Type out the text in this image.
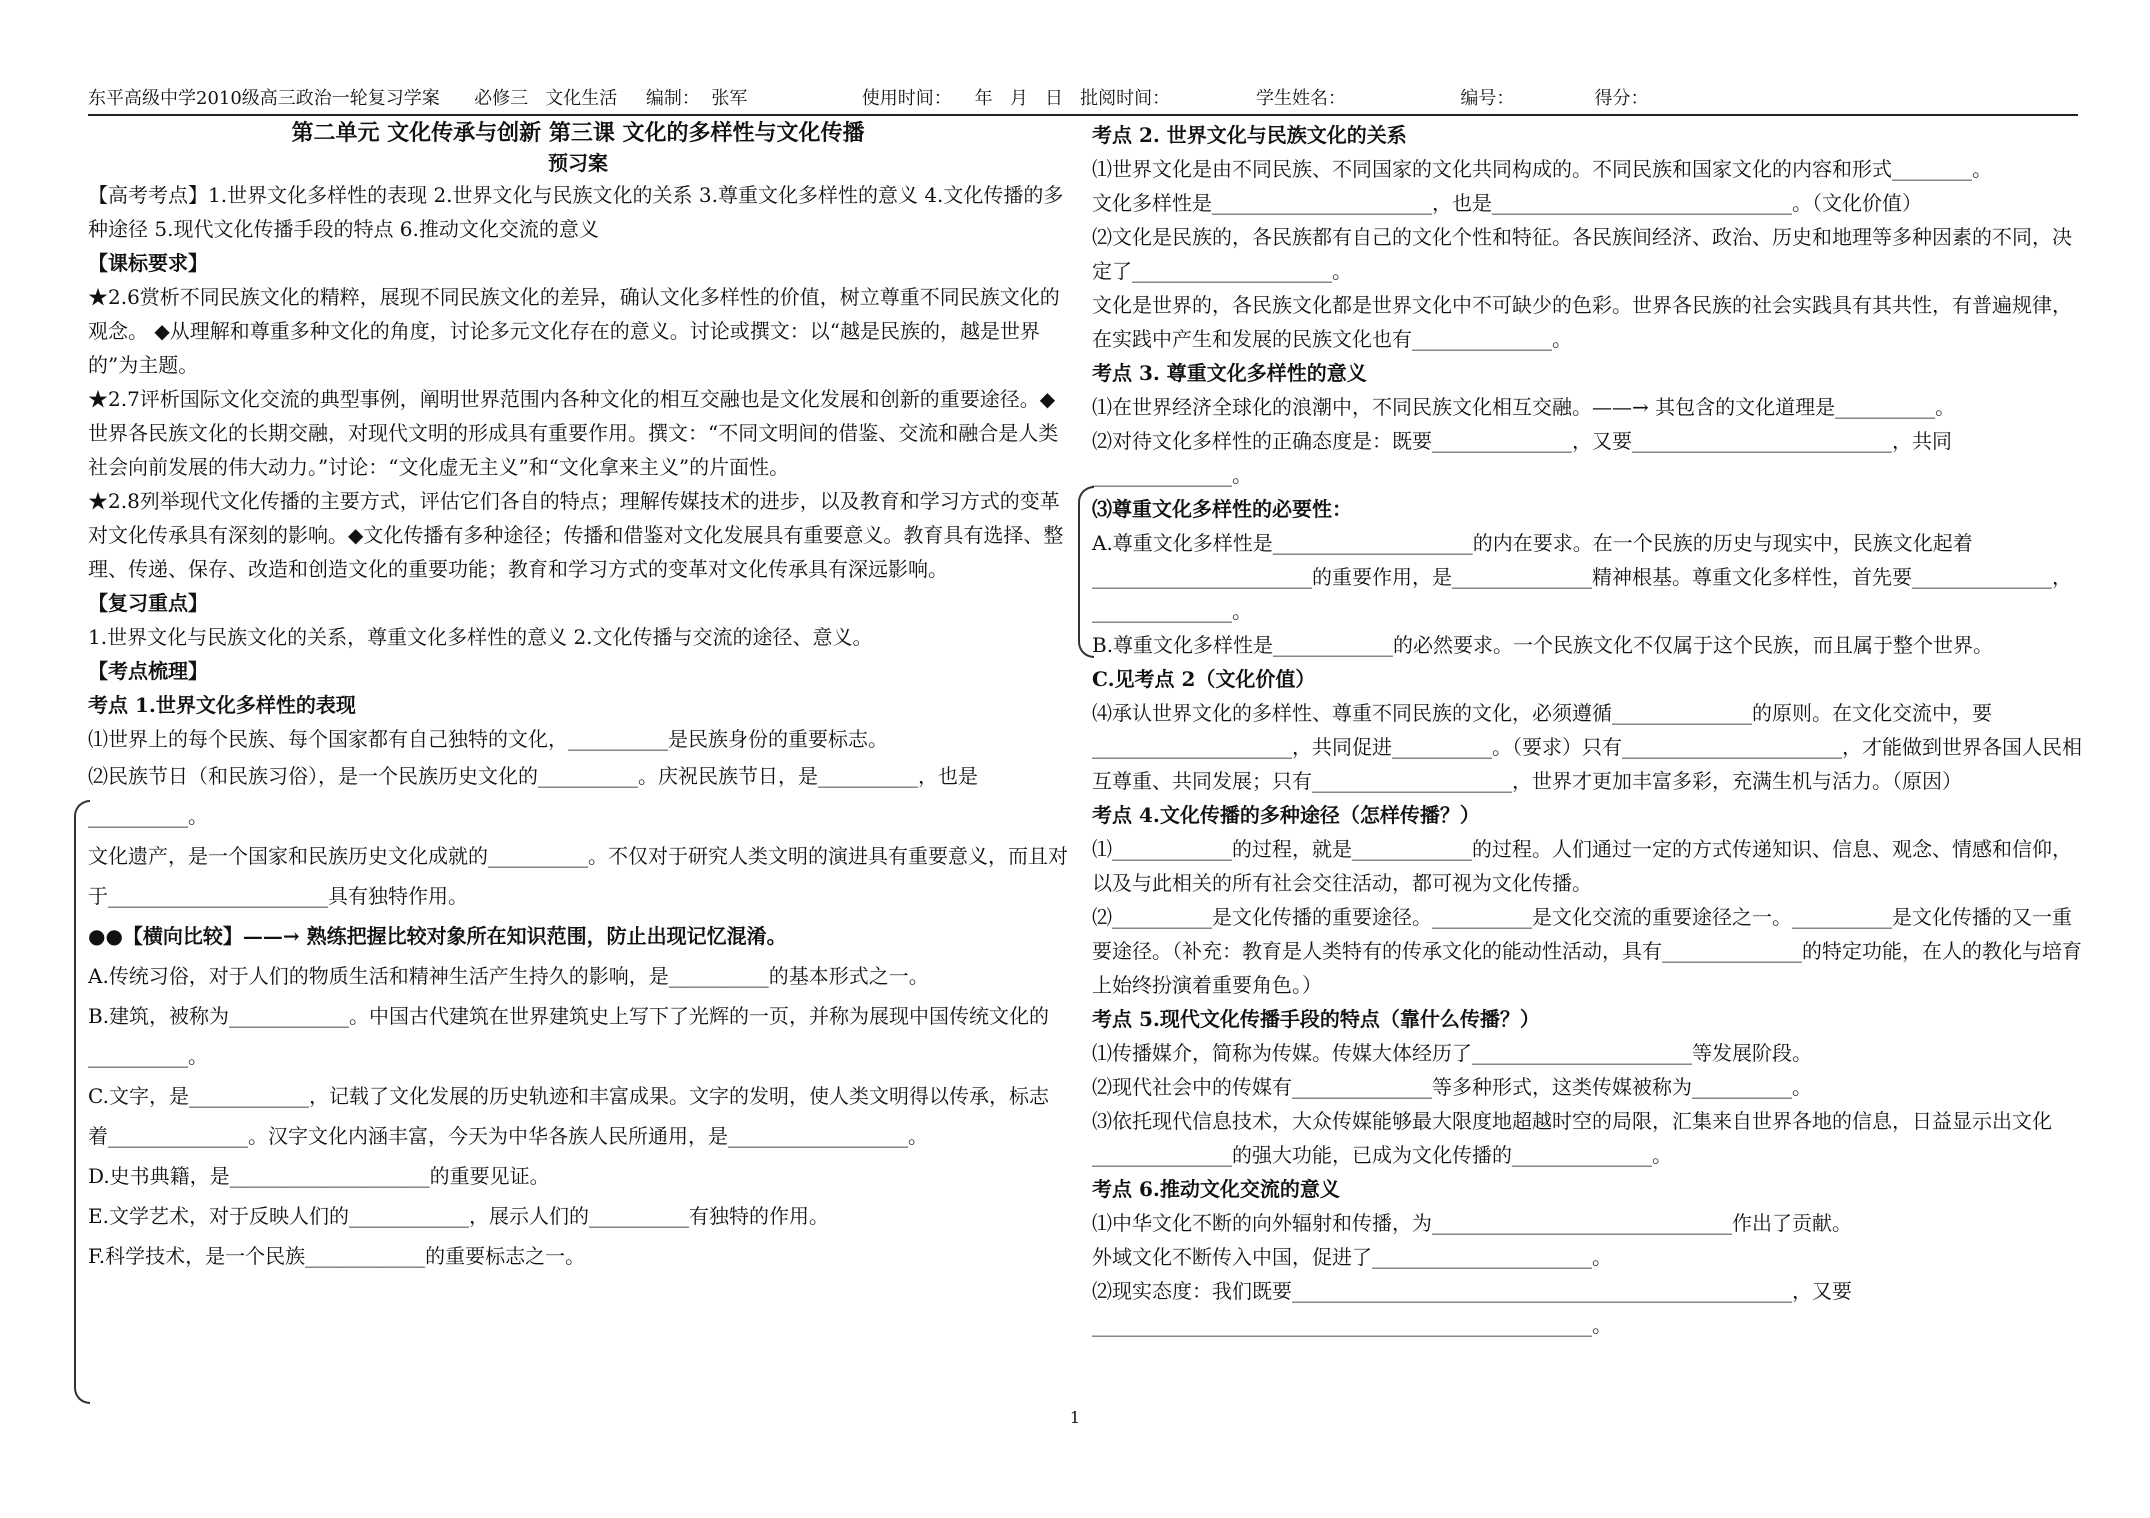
东平高级中学2010级高三政治一轮复习学案      必修三   文化生活     编制：  张军                    使用时间：    年   月   日   批阅时间：               学生姓名：                    编号：              得分：

第二单元 文化传承与创新 第三课 文化的多样性与文化传播

预习案

【高考考点】1.世界文化多样性的表现 2.世界文化与民族文化的关系 3.尊重文化多样性的意义 4.文化传播的多种途径 5.现代文化传播手段的特点 6.推动文化交流的意义

【课标要求】

★2.6赏析不同民族文化的精粹，展现不同民族文化的差异，确认文化多样性的价值，树立尊重不同民族文化的观念。 ◆从理解和尊重多种文化的角度，讨论多元文化存在的意义。讨论或撰文：以“越是民族的，越是世界的”为主题。

★2.7评析国际文化交流的典型事例，阐明世界范围内各种文化的相互交融也是文化发展和创新的重要途径。◆世界各民族文化的长期交融，对现代文明的形成具有重要作用。撰文：“不同文明间的借鉴、交流和融合是人类社会向前发展的伟大动力。”讨论：“文化虚无主义”和“文化拿来主义”的片面性。

★2.8列举现代文化传播的主要方式，评估它们各自的特点；理解传媒技术的进步，以及教育和学习方式的变革对文化传承具有深刻的影响。◆文化传播有多种途径；传播和借鉴对文化发展具有重要意义。教育具有选择、整理、传递、保存、改造和创造文化的重要功能；教育和学习方式的变革对文化传承具有深远影响。

【复习重点】

1.世界文化与民族文化的关系，尊重文化多样性的意义 2.文化传播与交流的途径、意义。

【考点梳理】

考点 1.世界文化多样性的表现

⑴世界上的每个民族、每个国家都有自己独特的文化，__________是民族身份的重要标志。

⑵民族节日（和民族习俗），是一个民族历史文化的__________。庆祝民族节日，是__________，也是__________。

文化遗产，是一个国家和民族历史文化成就的__________。不仅对于研究人类文明的演进具有重要意义，而且对于______________________具有独特作用。

●●【横向比较】——→ 熟练把握比较对象所在知识范围，防止出现记忆混淆。

A.传统习俗，对于人们的物质生活和精神生活产生持久的影响，是__________的基本形式之一。

B.建筑，被称为____________。中国古代建筑在世界建筑史上写下了光辉的一页，并称为展现中国传统文化的__________。

C.文字，是____________，记载了文化发展的历史轨迹和丰富成果。文字的发明，使人类文明得以传承，标志着______________。汉字文化内涵丰富，今天为中华各族人民所通用，是__________________。

D.史书典籍，是____________________的重要见证。

E.文学艺术，对于反映人们的____________，展示人们的__________有独特的作用。

F.科学技术，是一个民族____________的重要标志之一。

考点 2. 世界文化与民族文化的关系

⑴世界文化是由不同民族、不同国家的文化共同构成的。不同民族和国家文化的内容和形式________。

文化多样性是______________________，也是______________________________。（文化价值）

⑵文化是民族的，各民族都有自己的文化个性和特征。各民族间经济、政治、历史和地理等多种因素的不同，决定了____________________。

文化是世界的，各民族文化都是世界文化中不可缺少的色彩。世界各民族的社会实践具有其共性，有普遍规律，在实践中产生和发展的民族文化也有______________。

考点 3. 尊重文化多样性的意义

⑴在世界经济全球化的浪潮中，不同民族文化相互交融。——→ 其包含的文化道理是__________。

⑵对待文化多样性的正确态度是：既要______________，又要__________________________，共同______________。

⑶尊重文化多样性的必要性：

A.尊重文化多样性是____________________的内在要求。在一个民族的历史与现实中，民族文化起着______________________的重要作用，是______________精神根基。尊重文化多样性，首先要______________，______________。

B.尊重文化多样性是____________的必然要求。一个民族文化不仅属于这个民族，而且属于整个世界。

C.见考点 2（文化价值）

⑷承认世界文化的多样性、尊重不同民族的文化，必须遵循______________的原则。在文化交流中，要____________________，共同促进__________。（要求）只有______________________，才能做到世界各国人民相互尊重、共同发展；只有____________________，世界才更加丰富多彩，充满生机与活力。（原因）

考点 4.文化传播的多种途径（怎样传播？）

⑴____________的过程，就是____________的过程。人们通过一定的方式传递知识、信息、观念、情感和信仰，以及与此相关的所有社会交往活动，都可视为文化传播。

⑵__________是文化传播的重要途径。__________是文化交流的重要途径之一。__________是文化传播的又一重要途径。（补充：教育是人类特有的传承文化的能动性活动，具有______________的特定功能，在人的教化与培育上始终扮演着重要角色。）

考点 5.现代文化传播手段的特点（靠什么传播？）

⑴传播媒介，简称为传媒。传媒大体经历了______________________等发展阶段。

⑵现代社会中的传媒有______________等多种形式，这类传媒被称为__________。

⑶依托现代信息技术，大众传媒能够最大限度地超越时空的局限，汇集来自世界各地的信息，日益显示出文化______________的强大功能，已成为文化传播的______________。

考点 6.推动文化交流的意义

⑴中华文化不断的向外辐射和传播，为______________________________作出了贡献。

外域文化不断传入中国，促进了______________________。

⑵现实态度：我们既要__________________________________________________，又要__________________________________________________。

1
